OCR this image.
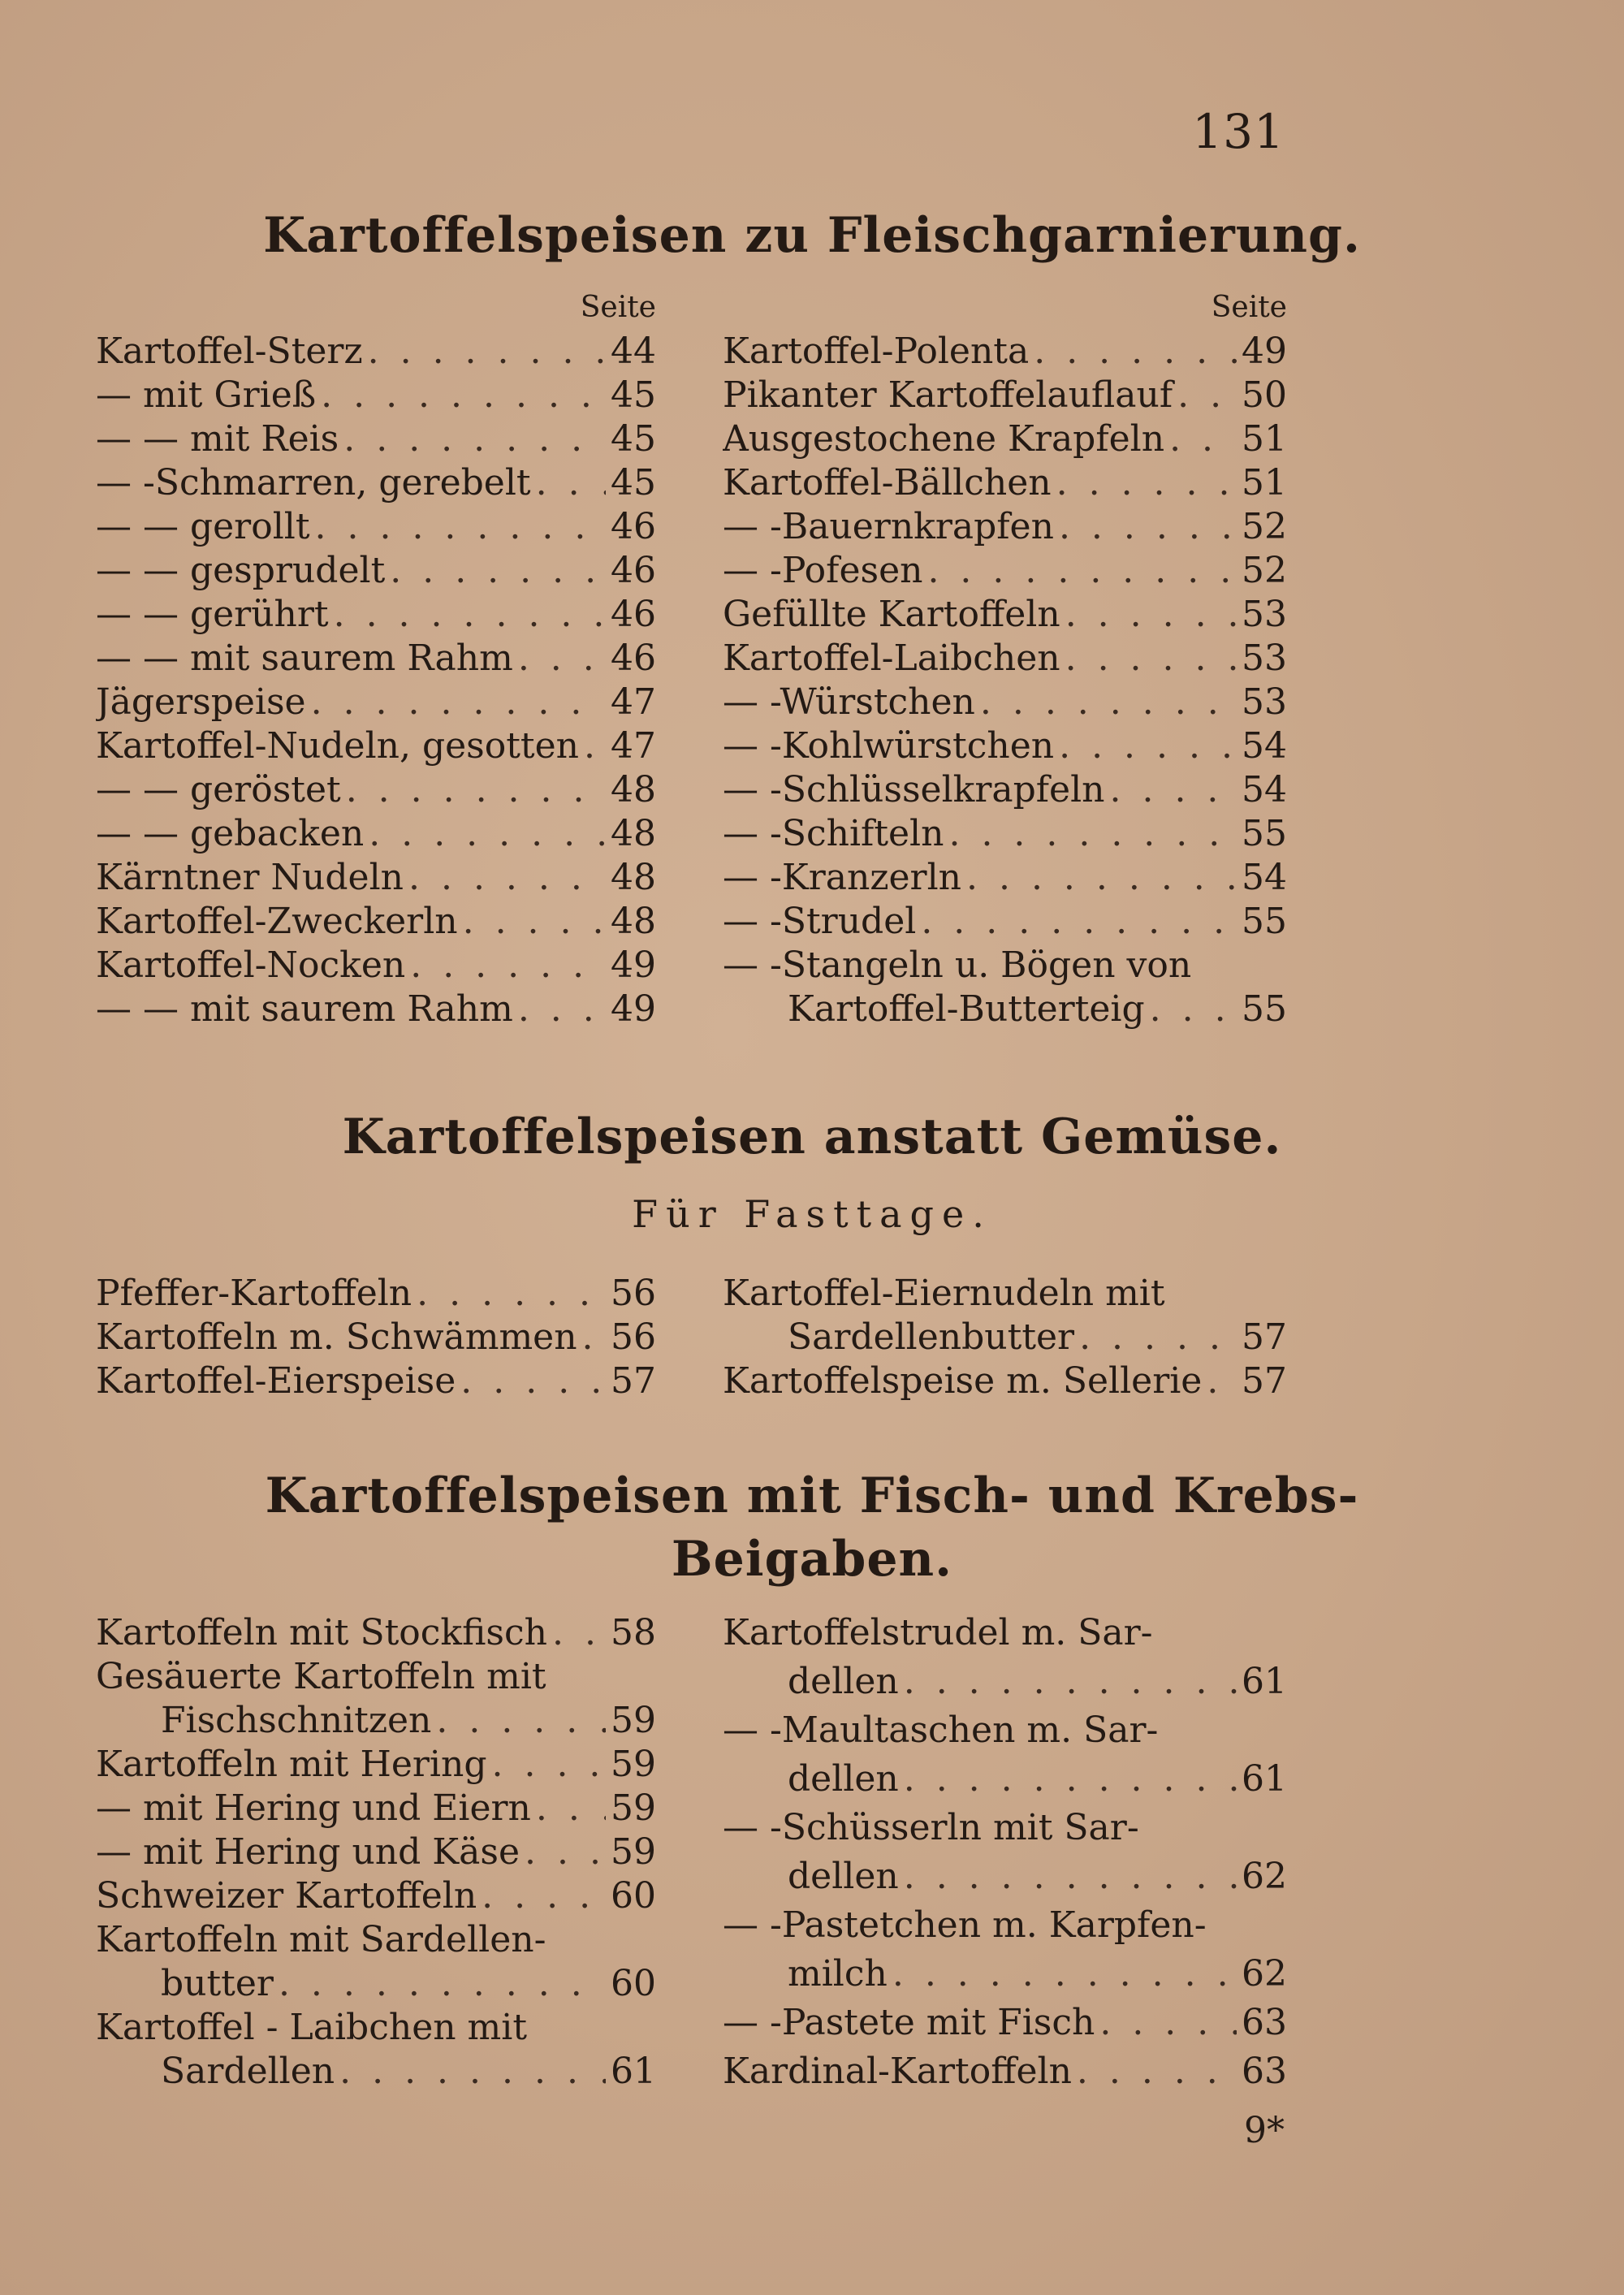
131
Kartoffelspeisen zu Fleischgarnierung.
Seite
Kartoffel-Sterz . . .	44
— mit Grieß . . .	45
— — mit Reis . . .	45
— -Schmarren, gerebelt . . . 45
— — gerollt . . .	46
— — gesprudelt . . .	46
— — gerührt . . .	46
— — mit saurem Rahm . . .	46
Jägerspeise . . .	47
Kartoffel-Nudeln, gesotten . . . 47
— — geröstet . . .	48
— — gebacken . . .	48
Kärntner Nudeln . . .	48
Kartoffel-Zweckerln . . .	48
Kartoffel-Nocken . . .	49
— — mit saurem Rahm . . .	49
Seite
Kartoffel-Polenta . . .	49
Pikanter Kartoffelauflauf . . . 50
Ausgestochene Krapfeln . . . 51
Kartoffel-Bällchen . . .	51
— -Bauernkrapfen . . .	52
— -Pofesen . . .	52
Gefüllte Kartoffeln . . .	53
Kartoffel-Laibchen . . .	53
— -Würstchen . . .	53
— -Kohlwürstchen . . .	54
— -Schlüsselkrapfeln . . .	54
— -Schifteln . . .	55
— -Kranzerln . . .	54
— -Strudel . . .	55
— -Stangeln u. Bögen von
Kartoffel-Butterteig . . .	55
Kartoffelspeisen anstatt Gemüse.
Für Fasttage.
Pfeffer-Kartoffeln . . .	56
Kartoffeln m. Schwämmen . . . 56
Kartoffel-Eierspeise . . .	57
Kartoffel-Eiernudeln mit
Sardellenbutter . . .	57
Kartoffelspeise m. Sellerie . . . 57
Kartoffelspeisen mit Fisch- und Krebs-
Beigaben.
Kartoffeln mit Stockfisch . . . 58
Gesäuerte Kartoffeln mit
Fischschnitzen . . .	59
Kartoffeln mit Hering . . .	59
— mit Hering und Eiern . . . 59
— mit Hering und Käse . . .	59
Schweizer Kartoffeln . . .	60
Kartoffeln mit Sardellen-
butter . . .	60
Kartoffel - Laibchen mit
Sardellen . . .	61
Kartoffelstrudel m. Sar-
dellen . . .	61
— -Maultaschen m. Sar-
dellen . . .	61
— -Schüsserln mit Sar-
dellen . . .	62
— -Pastetchen m. Karpfen-
milch . . .	62
— -Pastete mit Fisch . . .	63
Kardinal-Kartoffeln . . .	63
9*
